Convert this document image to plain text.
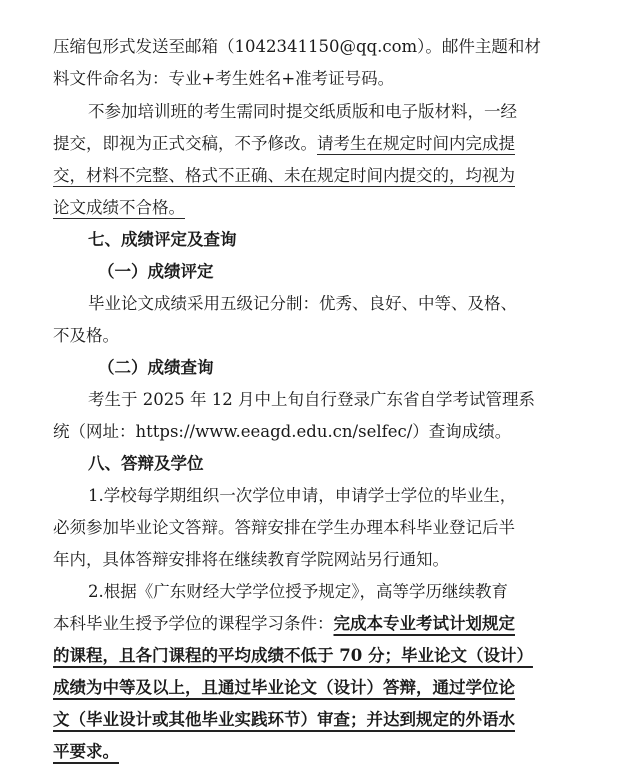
压缩包形式发送至邮箱（1042341150@qq.com）。邮件主题和材
料文件命名为：专业+考生姓名+准考证号码。
不参加培训班的考生需同时提交纸质版和电子版材料，一经
提交，即视为正式交稿，不予修改。请考生在规定时间内完成提
交，材料不完整、格式不正确、未在规定时间内提交的，均视为
论文成绩不合格。
七、成绩评定及查询
（一）成绩评定
毕业论文成绩采用五级记分制：优秀、良好、中等、及格、
不及格。
（二）成绩查询
考生于 2025 年 12 月中上旬自行登录广东省自学考试管理系
统（网址：https://www.eeagd.edu.cn/selfec/）查询成绩。
八、答辩及学位
1.学校每学期组织一次学位申请，申请学士学位的毕业生，
必须参加毕业论文答辩。答辩安排在学生办理本科毕业登记后半
年内，具体答辩安排将在继续教育学院网站另行通知。
2.根据《广东财经大学学位授予规定》，高等学历继续教育
本科毕业生授予学位的课程学习条件：完成本专业考试计划规定
的课程，且各门课程的平均成绩不低于 70 分；毕业论文（设计）
成绩为中等及以上，且通过毕业论文（设计）答辩，通过学位论
文（毕业设计或其他毕业实践环节）审查；并达到规定的外语水
平要求。
